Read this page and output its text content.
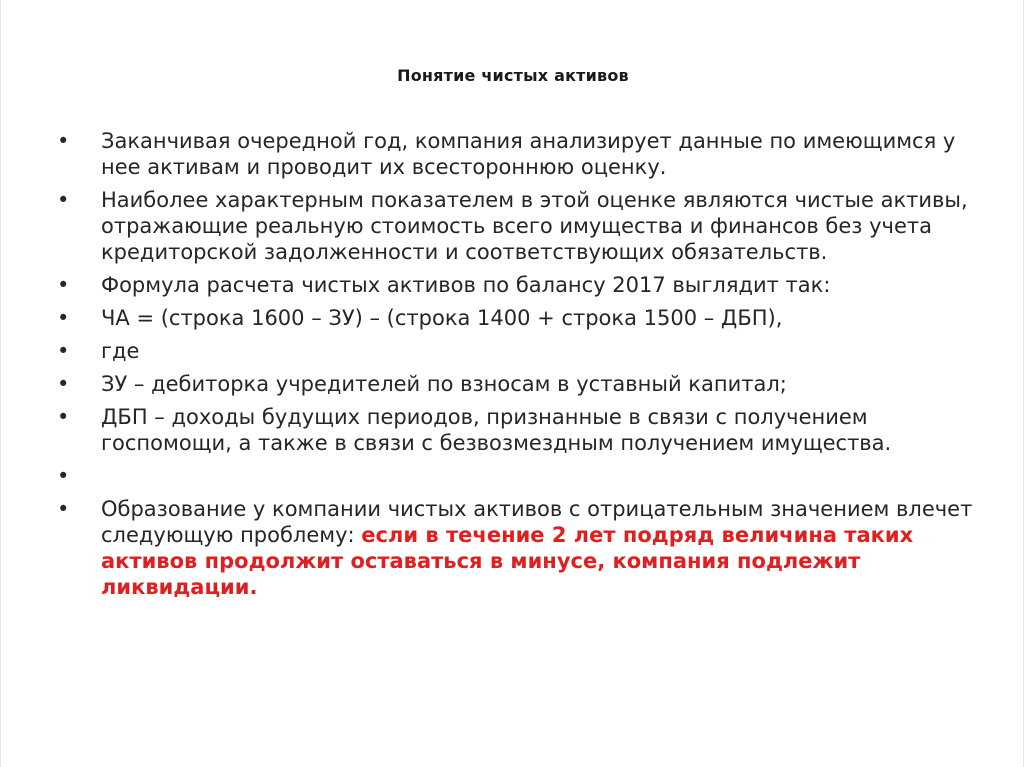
Понятие чистых активов
•	Заканчивая очередной год, компания анализирует данные по имеющимся у нее активам и проводит их всестороннюю оценку.
•	Наиболее характерным показателем в этой оценке являются чистые активы, отражающие реальную стоимость всего имущества и финансов без учета кредиторской задолженности и соответствующих обязательств.
•	Формула расчета чистых активов по балансу 2017 выглядит так:
•	ЧА = (строка 1600 – ЗУ) – (строка 1400 + строка 1500 – ДБП),
•	где
•	ЗУ – дебиторка учредителей по взносам в уставный капитал;
•	ДБП – доходы будущих периодов, признанные в связи с получением госпомощи, а также в связи с безвозмездным получением имущества.
•
•	Образование у компании чистых активов с отрицательным значением влечет следующую проблему: если в течение 2 лет подряд величина таких активов продолжит оставаться в минусе, компания подлежит ликвидации.
